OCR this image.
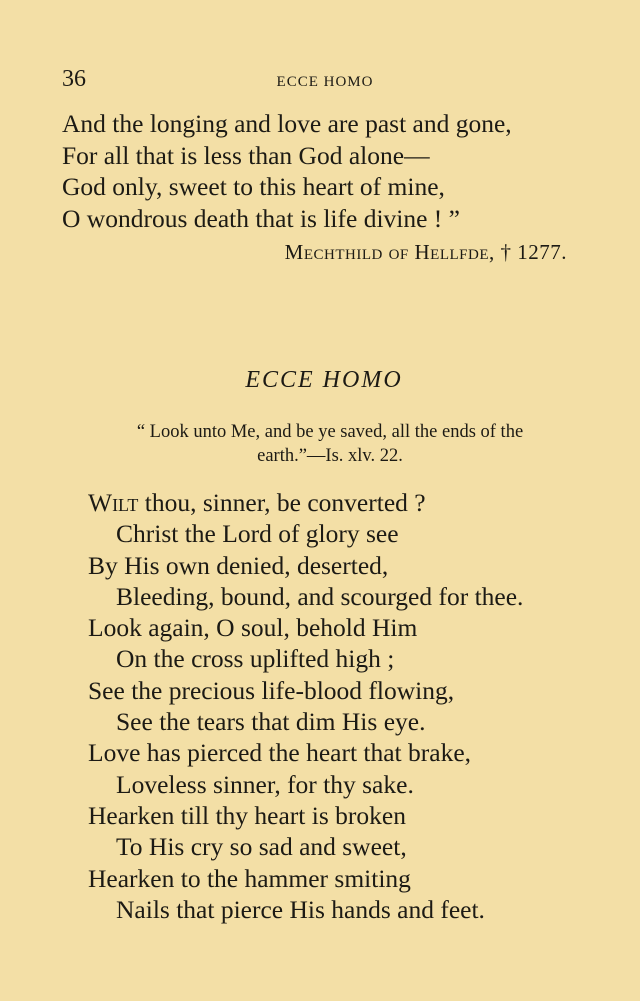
36	ECCE HOMO
And the longing and love are past and gone,
For all that is less than God alone—
God only, sweet to this heart of mine,
O wondrous death that is life divine ! ”
Mechthild of Hellfde, † 1277.
ECCE HOMO
“ Look unto Me, and be ye saved, all the ends of the
earth.”—Is. xlv. 22.
Wilt thou, sinner, be converted ?
Christ the Lord of glory see
By His own denied, deserted,
Bleeding, bound, and scourged for thee.
Look again, O soul, behold Him
On the cross uplifted high ;
See the precious life-blood flowing,
See the tears that dim His eye.
Love has pierced the heart that brake,
Loveless sinner, for thy sake.
Hearken till thy heart is broken
To His cry so sad and sweet,
Hearken to the hammer smiting
Nails that pierce His hands and feet.
